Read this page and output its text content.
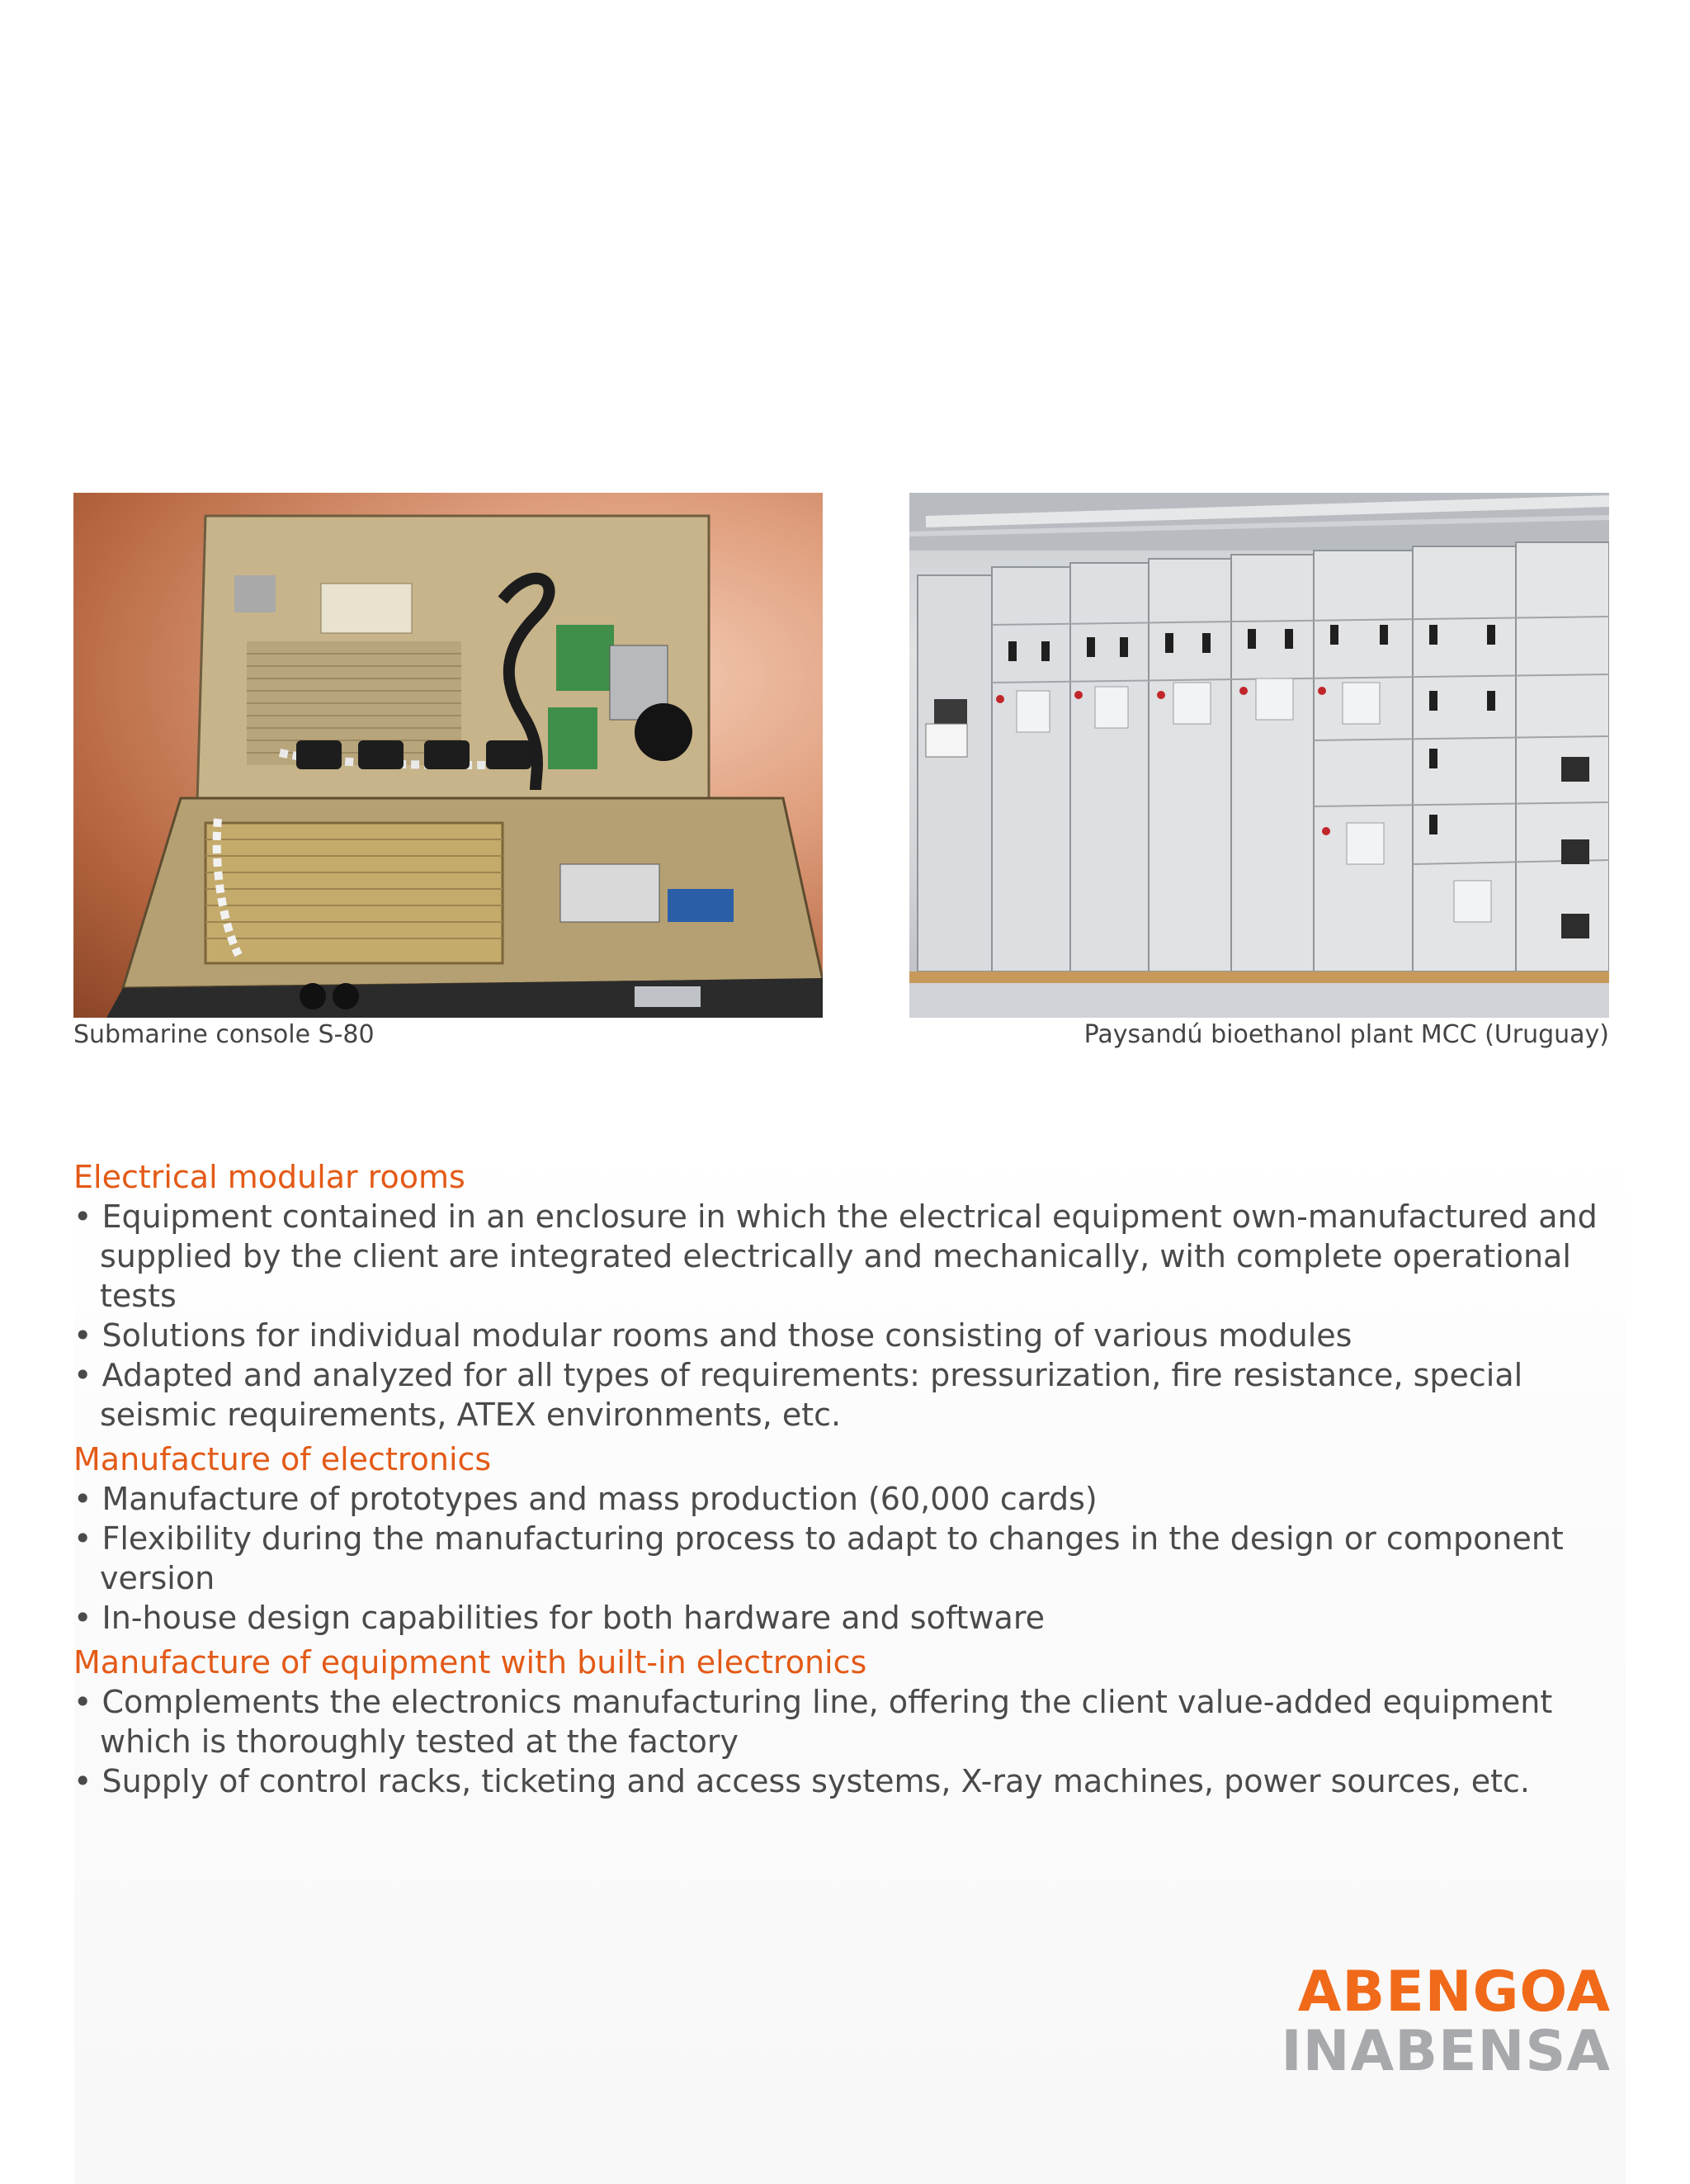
Submarine console S-80	Paysandú bioethanol plant MCC (Uruguay)
Electrical modular rooms
• Equipment contained in an enclosure in which the electrical equipment own-manufactured and supplied by the client are integrated electrically and mechanically, with complete operational tests
• Solutions for individual modular rooms and those consisting of various modules
• Adapted and analyzed for all types of requirements: pressurization, fire resistance, special seismic requirements, ATEX environments, etc.
Manufacture of electronics
• Manufacture of prototypes and mass production (60,000 cards)
• Flexibility during the manufacturing process to adapt to changes in the design or component version
• In-house design capabilities for both hardware and software
Manufacture of equipment with built-in electronics
• Complements the electronics manufacturing line, offering the client value-added equipment which is thoroughly tested at the factory
• Supply of control racks, ticketing and access systems, X-ray machines, power sources, etc.
ABENGOA
INABENSA
